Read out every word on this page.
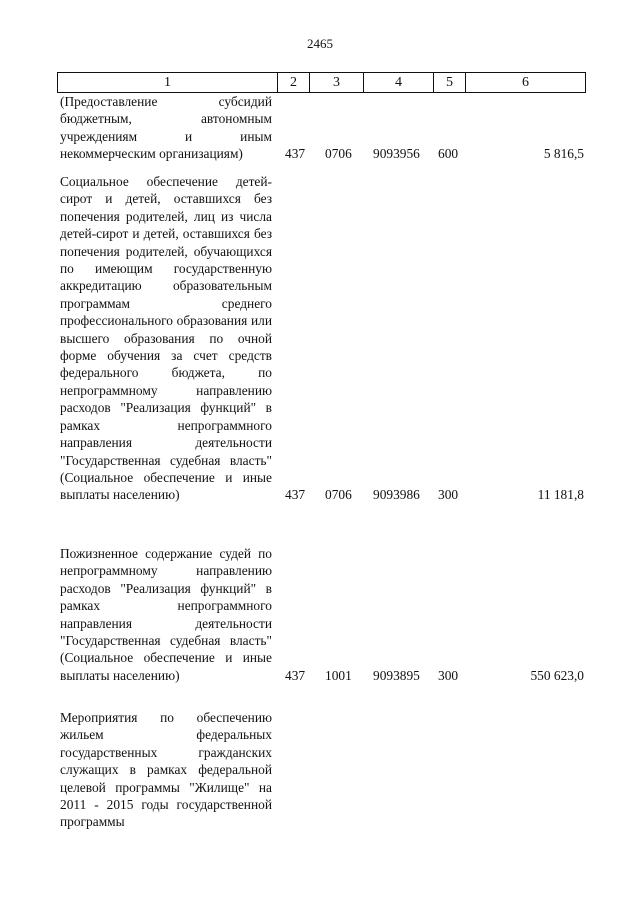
2465
1	2	3	4	5	6
(Предоставление субсидий бюджетным, автономным учреждениям и иным некоммерческим организациям)	437 0706 9093956 600	5 816,5
Социальное обеспечение детей-сирот и детей, оставшихся без попечения родителей, лиц из числа детей-сирот и детей, оставшихся без попечения родителей, обучающихся по имеющим государственную аккредитацию образовательным программам среднего профессионального образования или высшего образования по очной форме обучения за счет средств федерального бюджета, по непрограммному направлению расходов "Реализация функций" в рамках непрограммного направления деятельности "Государственная судебная власть" (Социальное обеспечение и иные выплаты населению)	437 0706 9093986 300	11 181,8
Пожизненное содержание судей по непрограммному направлению расходов "Реализация функций" в рамках непрограммного направления деятельности "Государственная судебная власть" (Социальное обеспечение и иные выплаты населению)	437 1001 9093895 300	550 623,0
Мероприятия по обеспечению жильем федеральных государственных гражданских служащих в рамках федеральной целевой программы "Жилище" на 2011 - 2015 годы государственной программы
